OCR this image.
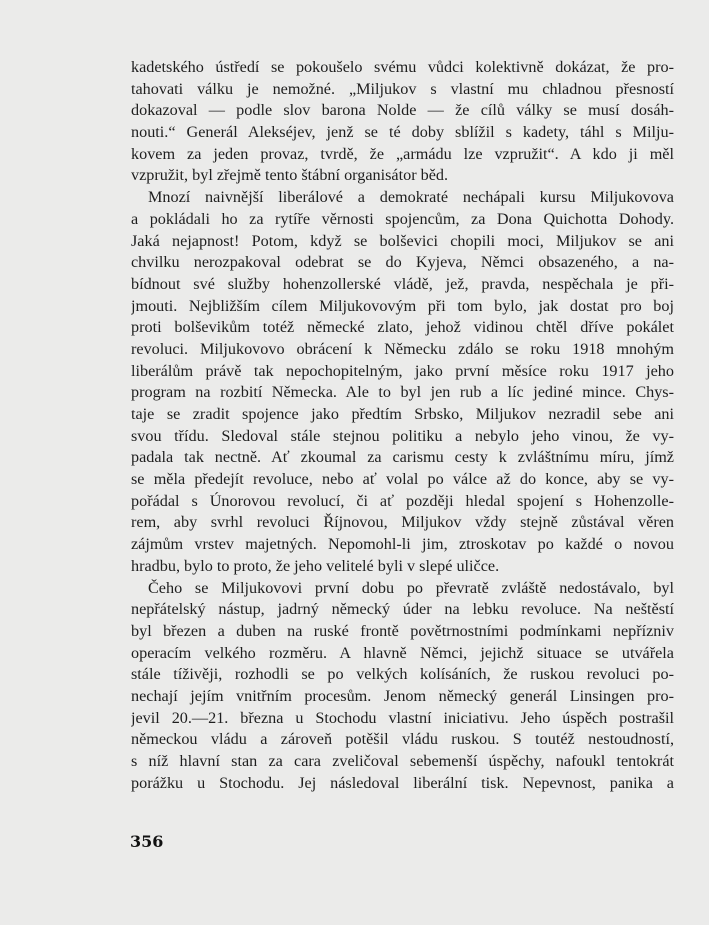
kadetského ústředí se pokoušelo svému vůdci kolektivně dokázat, že pro-
tahovati válku je nemožné. „Miljukov s vlastní mu chladnou přesností
dokazoval — podle slov barona Nolde — že cílů války se musí dosáh-
nouti.“ Generál Alekséjev, jenž se té doby sblížil s kadety, táhl s Milju-
kovem za jeden provaz, tvrdě, že „armádu lze vzpružit“. A kdo ji měl
vzpružit, byl zřejmě tento štábní organisátor běd.
Mnozí naivnější liberálové a demokraté nechápali kursu Miljukovova
a pokládali ho za rytíře věrnosti spojencům, za Dona Quichotta Dohody.
Jaká nejapnost! Potom, když se bolševici chopili moci, Miljukov se ani
chvilku nerozpakoval odebrat se do Kyjeva, Němci obsazeného, a na-
bídnout své služby hohenzollerské vládě, jež, pravda, nespěchala je při-
jmouti. Nejbližším cílem Miljukovovým při tom bylo, jak dostat pro boj
proti bolševikům totéž německé zlato, jehož vidinou chtěl dříve pokálet
revoluci. Miljukovovo obrácení k Německu zdálo se roku 1918 mnohým
liberálům právě tak nepochopitelným, jako první měsíce roku 1917 jeho
program na rozbití Německa. Ale to byl jen rub a líc jediné mince. Chys-
taje se zradit spojence jako předtím Srbsko, Miljukov nezradil sebe ani
svou třídu. Sledoval stále stejnou politiku a nebylo jeho vinou, že vy-
padala tak nectně. Ať zkoumal za carismu cesty k zvláštnímu míru, jímž
se měla předejít revoluce, nebo ať volal po válce až do konce, aby se vy-
pořádal s Únorovou revolucí, či ať později hledal spojení s Hohenzolle-
rem, aby svrhl revoluci Říjnovou, Miljukov vždy stejně zůstával věren
zájmům vrstev majetných. Nepomohl-li jim, ztroskotav po každé o novou
hradbu, bylo to proto, že jeho velitelé byli v slepé uličce.
Čeho se Miljukovovi první dobu po převratě zvláště nedostávalo, byl
nepřátelský nástup, jadrný německý úder na lebku revoluce. Na neštěstí
byl březen a duben na ruské frontě povětrnostními podmínkami nepřízniv
operacím velkého rozměru. A hlavně Němci, jejichž situace se utvářela
stále tíživěji, rozhodli se po velkých kolísáních, že ruskou revoluci po-
nechají jejím vnitřním procesům. Jenom německý generál Linsingen pro-
jevil 20.—21. března u Stochodu vlastní iniciativu. Jeho úspěch postrašil
německou vládu a zároveň potěšil vládu ruskou. S toutéž nestoudností,
s níž hlavní stan za cara zveličoval sebemenší úspěchy, nafoukl tentokrát
porážku u Stochodu. Jej následoval liberální tisk. Nepevnost, panika a
356
